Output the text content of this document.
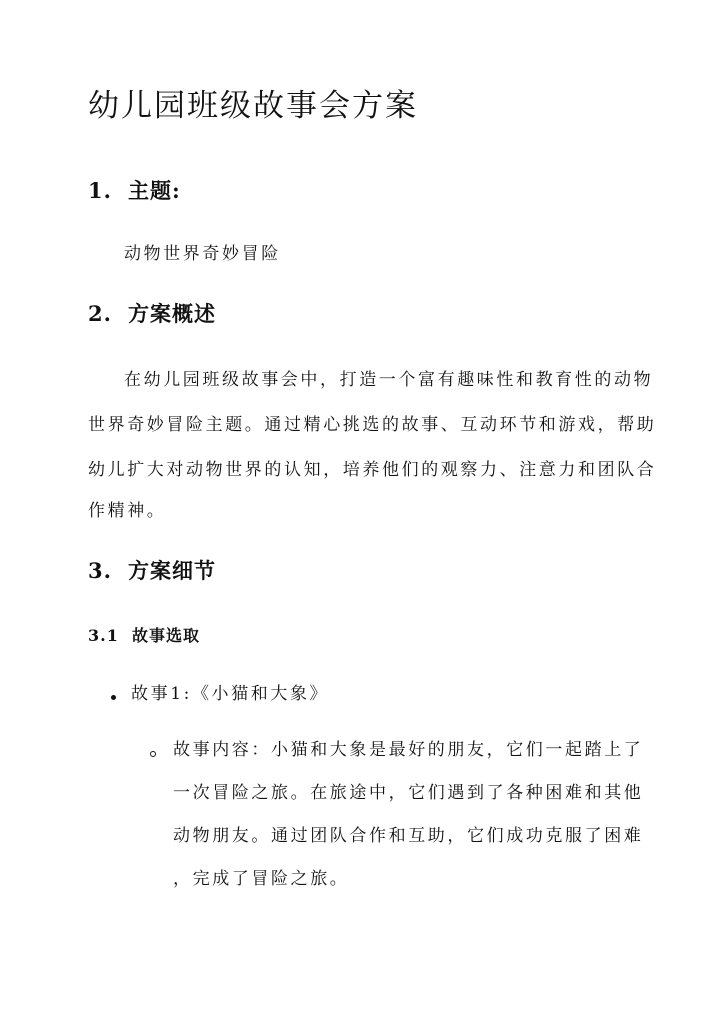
幼儿园班级故事会方案
1. 主题:

动物世界奇妙冒险

2. 方案概述

在幼儿园班级故事会中，打造一个富有趣味性和教育性的动物

世界奇妙冒险主题。通过精心挑选的故事、互动环节和游戏，帮助

幼儿扩大对动物世界的认知，培养他们的观察力、注意力和团队合

作精神。

3. 方案细节
3.1 故事选取

故事1:《小猫和大象》

故事内容：小猫和大象是最好的朋友，它们一起踏上了

一次冒险之旅。在旅途中，它们遇到了各种困难和其他

动物朋友。通过团队合作和互助，它们成功克服了困难

，完成了冒险之旅。
